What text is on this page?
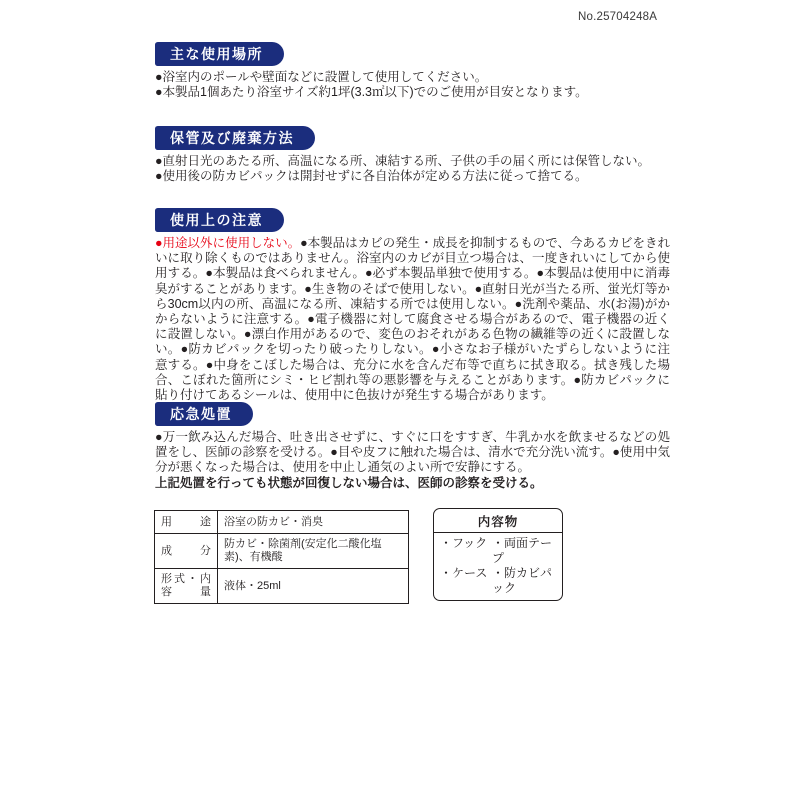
No.25704248A
主な使用場所
●浴室内のポールや壁面などに設置して使用してください。
●本製品1個あたり浴室サイズ約1坪(3.3㎡以下)でのご使用が目安となります。
保管及び廃棄方法
●直射日光のあたる所、高温になる所、凍結する所、子供の手の届く所には保管しない。
●使用後の防カビパックは開封せずに各自治体が定める方法に従って捨てる。
使用上の注意
●用途以外に使用しない。●本製品はカビの発生・成長を抑制するもので、今あるカビをきれいに取り除くものではありません。浴室内のカビが目立つ場合は、一度きれいにしてから使用する。●本製品は食べられません。●必ず本製品単独で使用する。●本製品は使用中に消毒臭がすることがあります。●生き物のそばで使用しない。●直射日光が当たる所、蛍光灯等から30cm以内の所、高温になる所、凍結する所では使用しない。●洗剤や薬品、水(お湯)がかからないように注意する。●電子機器に対して腐食させる場合があるので、電子機器の近くに設置しない。●漂白作用があるので、変色のおそれがある色物の繊維等の近くに設置しない。●防カビパックを切ったり破ったりしない。●小さなお子様がいたずらしないように注意する。●中身をこぼした場合は、充分に水を含んだ布等で直ちに拭き取る。拭き残した場合、こぼれた箇所にシミ・ヒビ割れ等の悪影響を与えることがあります。●防カビパックに貼り付けてあるシールは、使用中に色抜けが発生する場合があります。
応急処置
●万一飲み込んだ場合、吐き出させずに、すぐに口をすすぎ、牛乳か水を飲ませるなどの処置をし、医師の診察を受ける。●目や皮フに触れた場合は、清水で充分洗い流す。●使用中気分が悪くなった場合は、使用を中止し通気のよい所で安静にする。
上記処置を行っても状態が回復しない場合は、医師の診察を受ける。
用途	浴室の防カビ・消臭
成分	防カビ・除菌剤(安定化二酸化塩素)、有機酸
形式・内容量	液体・25ml
内容物
・フック ・両面テープ
・ケース ・防カビパック
